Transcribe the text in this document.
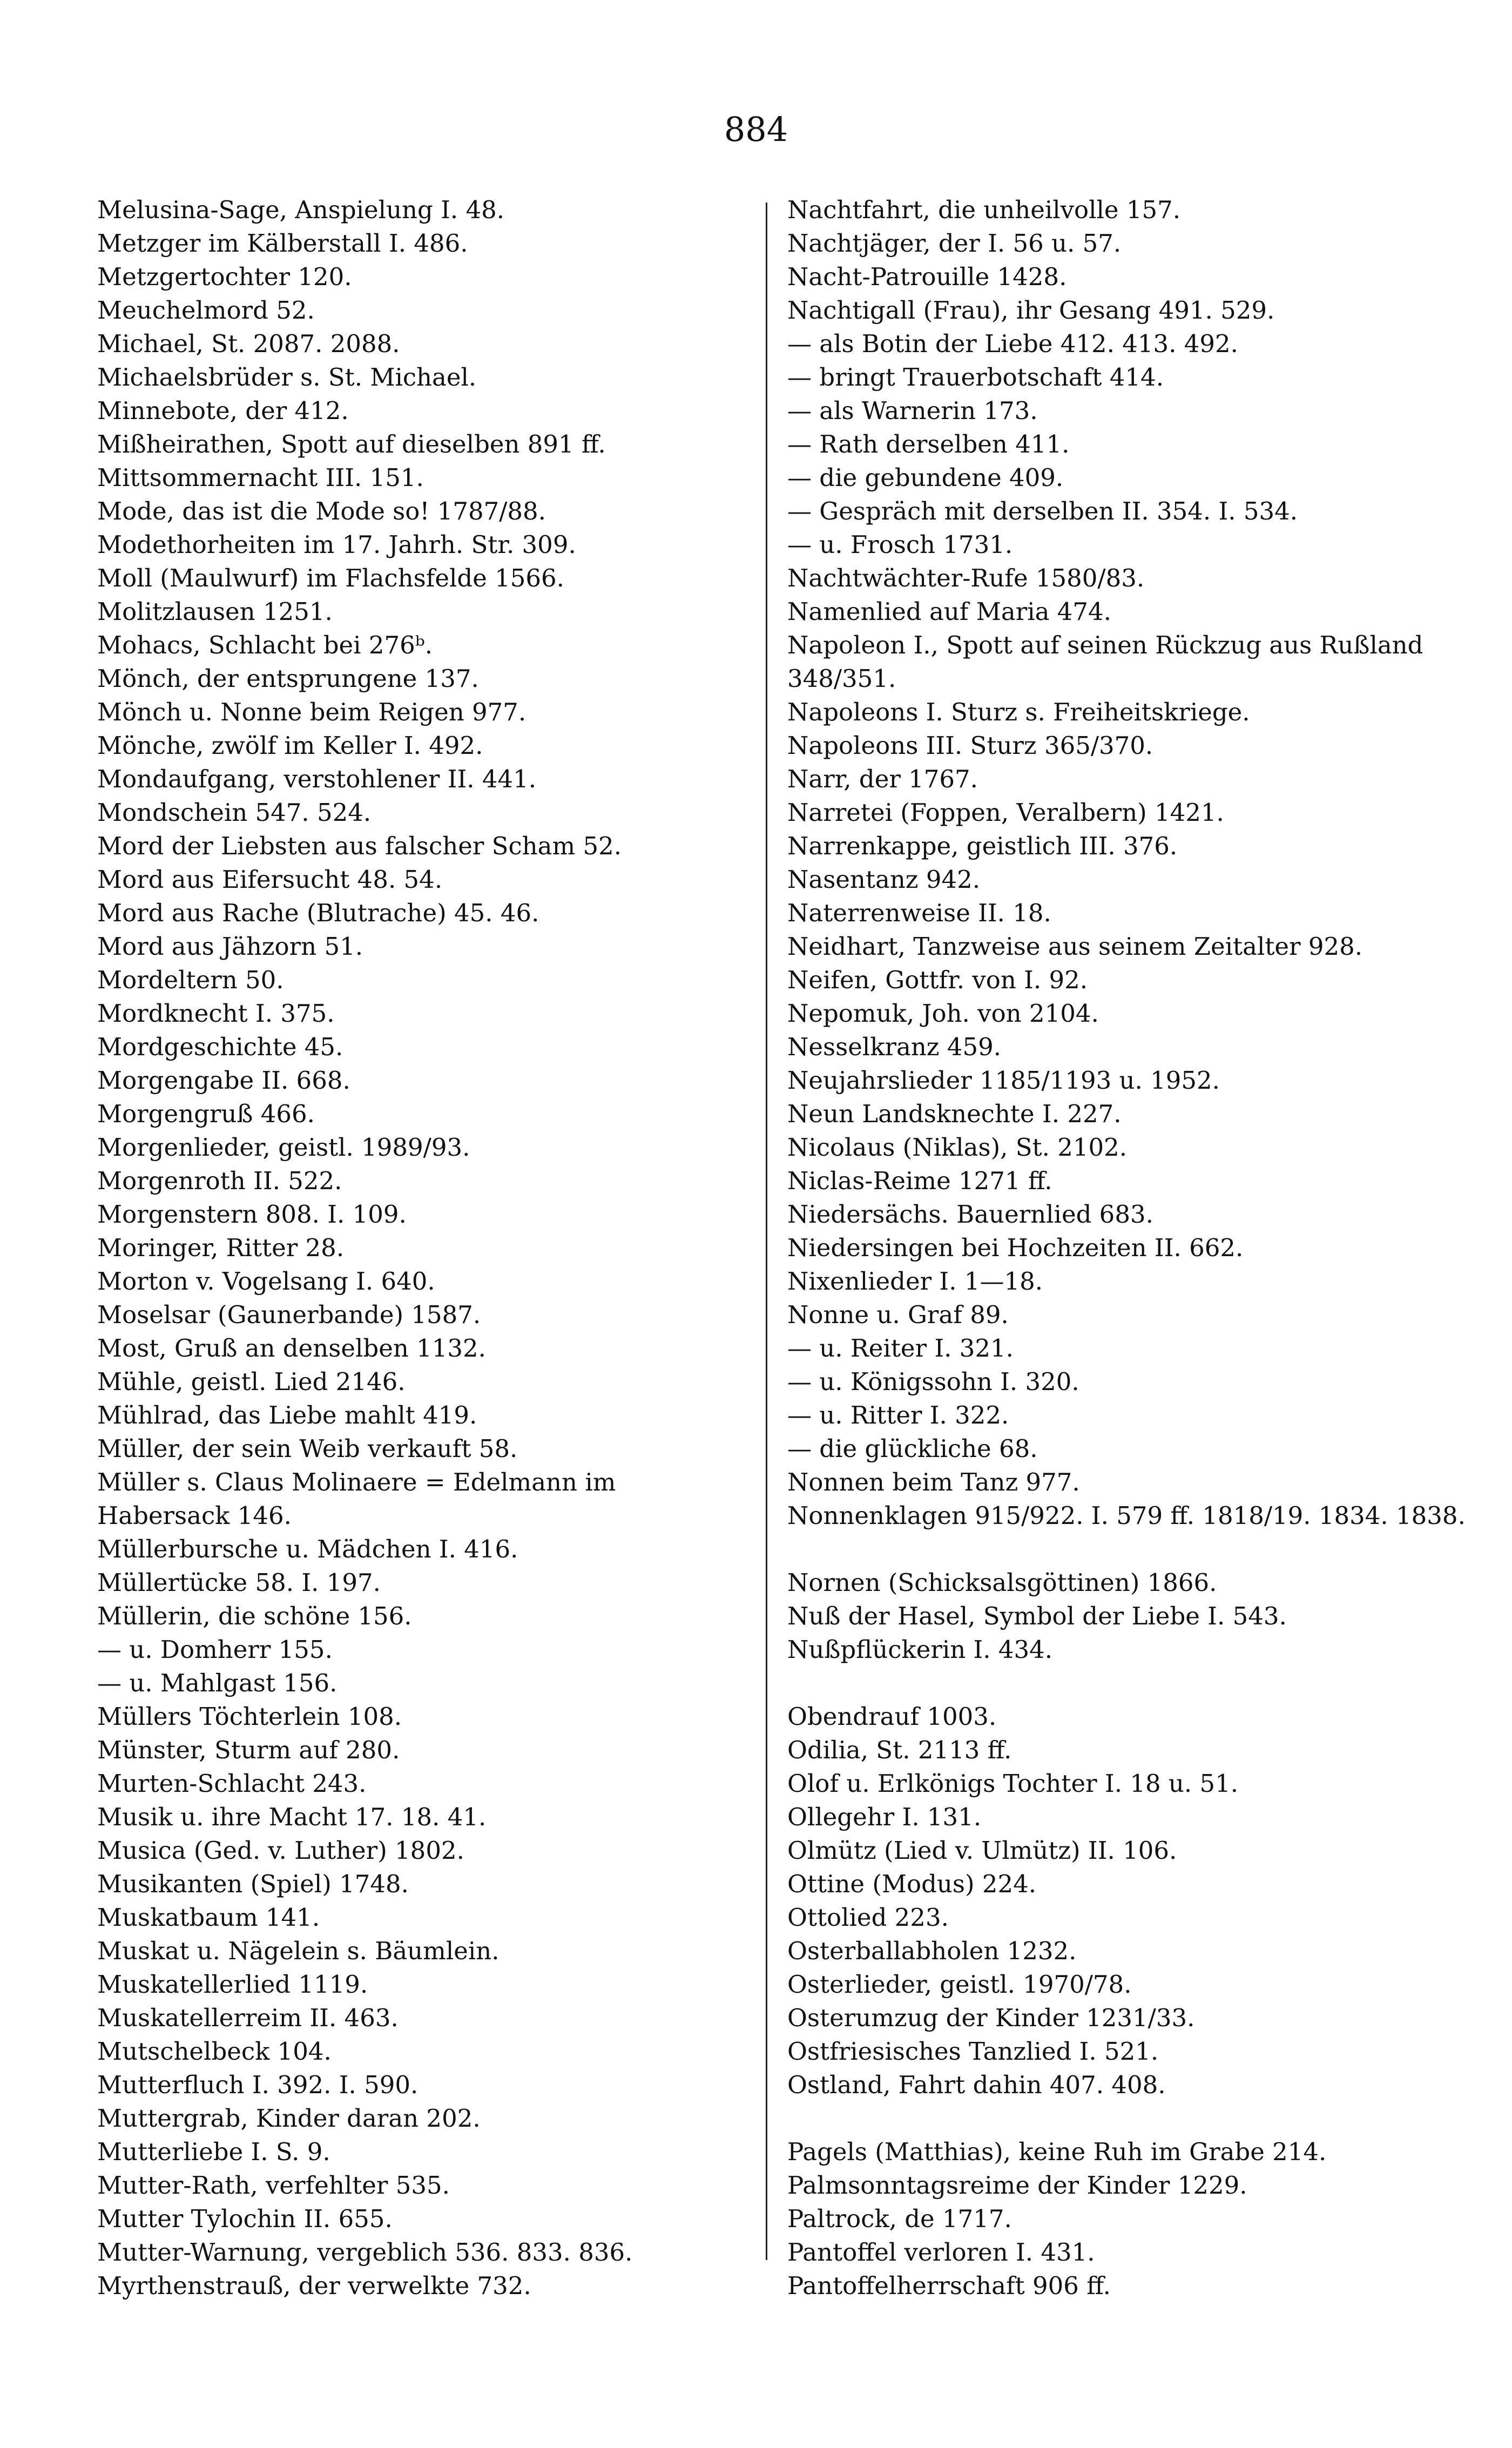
884
Melusina-Sage, Anspielung I. 48.
Metzger im Kälberstall I. 486.
Metzgertochter 120.
Meuchelmord 52.
Michael, St. 2087. 2088.
Michaelsbrüder s. St. Michael.
Minnebote, der 412.
Mißheirathen, Spott auf dieselben 891 ff.
Mittsommernacht III. 151.
Mode, das ist die Mode so! 1787/88.
Modethorheiten im 17. Jahrh. Str. 309.
Moll (Maulwurf) im Flachsfelde 1566.
Molitzlausen 1251.
Mohacs, Schlacht bei 276ᵇ.
Mönch, der entsprungene 137.
Mönch u. Nonne beim Reigen 977.
Mönche, zwölf im Keller I. 492.
Mondaufgang, verstohlener II. 441.
Mondschein 547. 524.
Mord der Liebsten aus falscher Scham 52.
Mord aus Eifersucht 48. 54.
Mord aus Rache (Blutrache) 45. 46.
Mord aus Jähzorn 51.
Mordeltern 50.
Mordknecht I. 375.
Mordgeschichte 45.
Morgengabe II. 668.
Morgengruß 466.
Morgenlieder, geistl. 1989/93.
Morgenroth II. 522.
Morgenstern 808. I. 109.
Moringer, Ritter 28.
Morton v. Vogelsang I. 640.
Moselsar (Gaunerbande) 1587.
Most, Gruß an denselben 1132.
Mühle, geistl. Lied 2146.
Mühlrad, das Liebe mahlt 419.
Müller, der sein Weib verkauft 58.
Müller s. Claus Molinaere = Edelmann im Habersack 146.
Müllerbursche u. Mädchen I. 416.
Müllertücke 58. I. 197.
Müllerin, die schöne 156.
— u. Domherr 155.
— u. Mahlgast 156.
Müllers Töchterlein 108.
Münster, Sturm auf 280.
Murten-Schlacht 243.
Musik u. ihre Macht 17. 18. 41.
Musica (Ged. v. Luther) 1802.
Musikanten (Spiel) 1748.
Muskatbaum 141.
Muskat u. Nägelein s. Bäumlein.
Muskatellerlied 1119.
Muskatellerreim II. 463.
Mutschelbeck 104.
Mutterfluch I. 392. I. 590.
Muttergrab, Kinder daran 202.
Mutterliebe I. S. 9.
Mutter-Rath, verfehlter 535.
Mutter Tylochin II. 655.
Mutter-Warnung, vergeblich 536. 833. 836.
Myrthenstrauß, der verwelkte 732.
Nachtfahrt, die unheilvolle 157.
Nachtjäger, der I. 56 u. 57.
Nacht-Patrouille 1428.
Nachtigall (Frau), ihr Gesang 491. 529.
— als Botin der Liebe 412. 413. 492.
— bringt Trauerbotschaft 414.
— als Warnerin 173.
— Rath derselben 411.
— die gebundene 409.
— Gespräch mit derselben II. 354. I. 534.
— u. Frosch 1731.
Nachtwächter-Rufe 1580/83.
Namenlied auf Maria 474.
Napoleon I., Spott auf seinen Rückzug aus Rußland 348/351.
Napoleons I. Sturz s. Freiheitskriege.
Napoleons III. Sturz 365/370.
Narr, der 1767.
Narretei (Foppen, Veralbern) 1421.
Narrenkappe, geistlich III. 376.
Nasentanz 942.
Naterrenweise II. 18.
Neidhart, Tanzweise aus seinem Zeitalter 928.
Neifen, Gottfr. von I. 92.
Nepomuk, Joh. von 2104.
Nesselkranz 459.
Neujahrslieder 1185/1193 u. 1952.
Neun Landsknechte I. 227.
Nicolaus (Niklas), St. 2102.
Niclas-Reime 1271 ff.
Niedersächs. Bauernlied 683.
Niedersingen bei Hochzeiten II. 662.
Nixenlieder I. 1—18.
Nonne u. Graf 89.
— u. Reiter I. 321.
— u. Königssohn I. 320.
— u. Ritter I. 322.
— die glückliche 68.
Nonnen beim Tanz 977.
Nonnenklagen 915/922. I. 579 ff. 1818/19. 1834. 1838.
Nornen (Schicksalsgöttinen) 1866.
Nuß der Hasel, Symbol der Liebe I. 543.
Nußpflückerin I. 434.
Obendrauf 1003.
Odilia, St. 2113 ff.
Olof u. Erlkönigs Tochter I. 18 u. 51.
Ollegehr I. 131.
Olmütz (Lied v. Ulmütz) II. 106.
Ottine (Modus) 224.
Ottolied 223.
Osterballabholen 1232.
Osterlieder, geistl. 1970/78.
Osterumzug der Kinder 1231/33.
Ostfriesisches Tanzlied I. 521.
Ostland, Fahrt dahin 407. 408.
Pagels (Matthias), keine Ruh im Grabe 214.
Palmsonntagsreime der Kinder 1229.
Paltrock, de 1717.
Pantoffel verloren I. 431.
Pantoffelherrschaft 906 ff.
